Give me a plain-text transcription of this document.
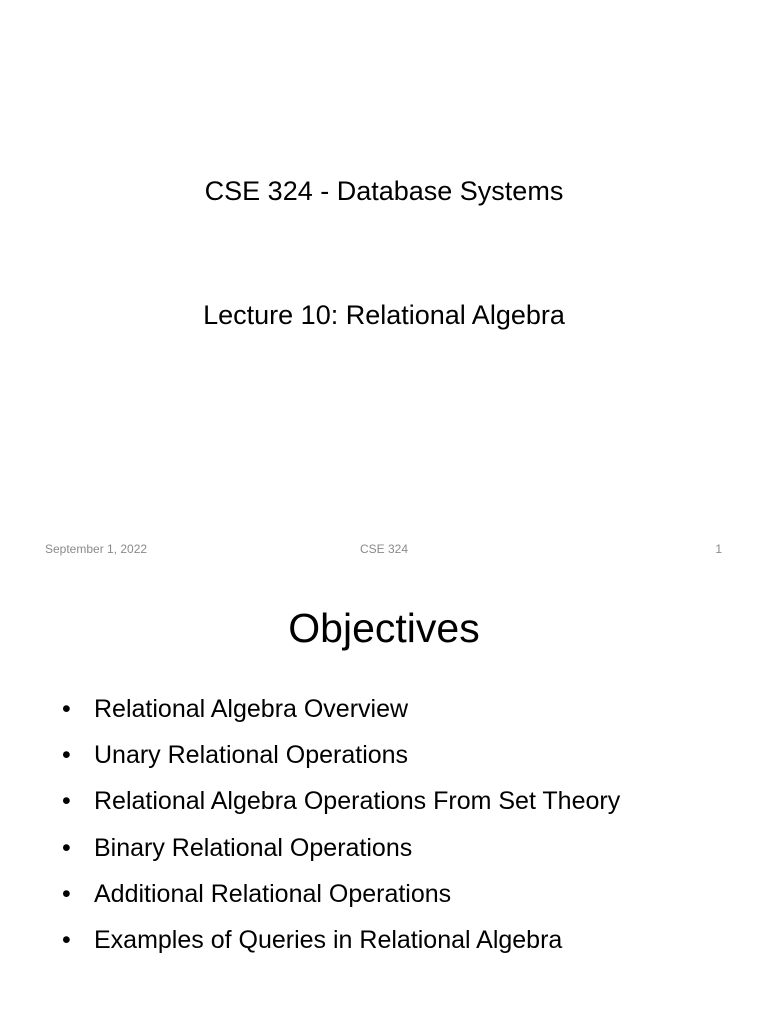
CSE 324 - Database Systems
Lecture 10: Relational Algebra
September 1, 2022	CSE 324	1
Objectives
• Relational Algebra Overview
• Unary Relational Operations
• Relational Algebra Operations From Set Theory
• Binary Relational Operations
• Additional Relational Operations
• Examples of Queries in Relational Algebra
